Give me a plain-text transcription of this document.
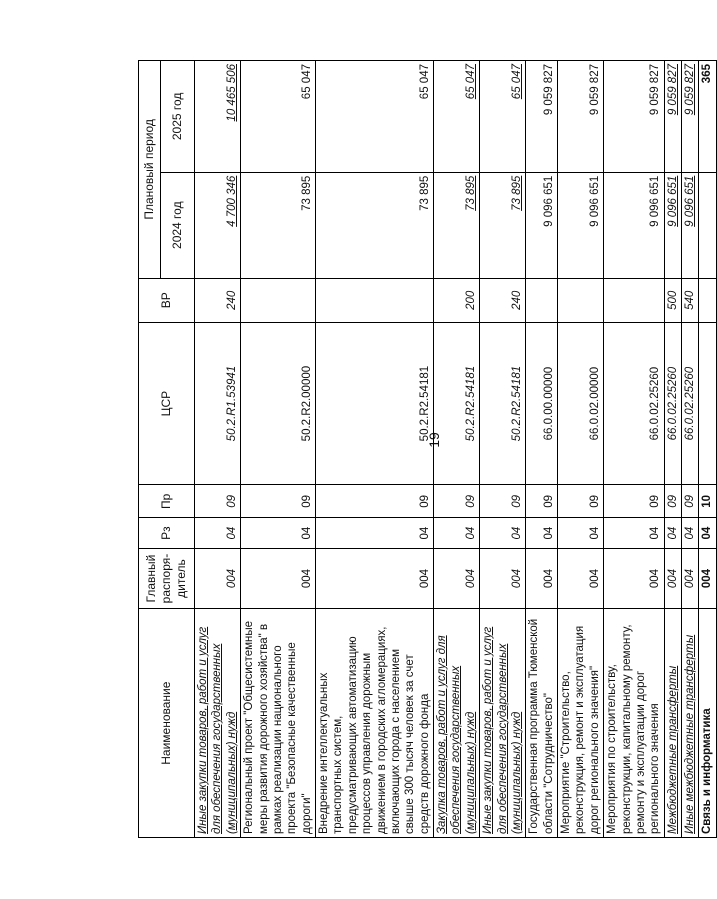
19
Наименование	Главный распоря-дитель	Рз	Пр	ЦСР	ВР	Плановый период	
						2024 год	2025 год
Иные закупки товаров, работ и услуг для обеспечения государственных (муниципальных) нужд	004	04	09	50.2.R1.53941	240	4 700 346	10 465 506
Региональный проект "Общесистемные меры развития дорожного хозяйства" в рамках реализации национального проекта "Безопасные качественные дороги"	004	04	09	50.2.R2.00000		73 895	65 047
Внедрение интеллектуальных транспортных систем, предусматривающих автоматизацию процессов управления дорожным движением в городских агломерациях, включающих города с населением свыше 300 тысяч человек за счет средств дорожного фонда	004	04	09	50.2.R2.54181		73 895	65 047
Закупка товаров, работ и услуг для обеспечения государственных (муниципальных) нужд	004	04	09	50.2.R2.54181	200	73 895	65 047
Иные закупки товаров, работ и услуг для обеспечения государственных (муниципальных) нужд	004	04	09	50.2.R2.54181	240	73 895	65 047
Государственная программа Тюменской области "Сотрудничество"	004	04	09	66.0.00.00000		9 096 651	9 059 827
Мероприятие "Строительство, реконструкция, ремонт и эксплуатация дорог регионального значения"	004	04	09	66.0.02.00000		9 096 651	9 059 827
Мероприятия по строительству, реконструкции, капитальному ремонту, ремонту и эксплуатации дорог регионального значения	004	04	09	66.0.02.25260		9 096 651	9 059 827
Межбюджетные трансферты	004	04	09	66.0.02.25260	500	9 096 651	9 059 827
Иные межбюджетные трансферты	004	04	09	66.0.02.25260	540	9 096 651	9 059 827
Связь и информатика	004	04	10				365
